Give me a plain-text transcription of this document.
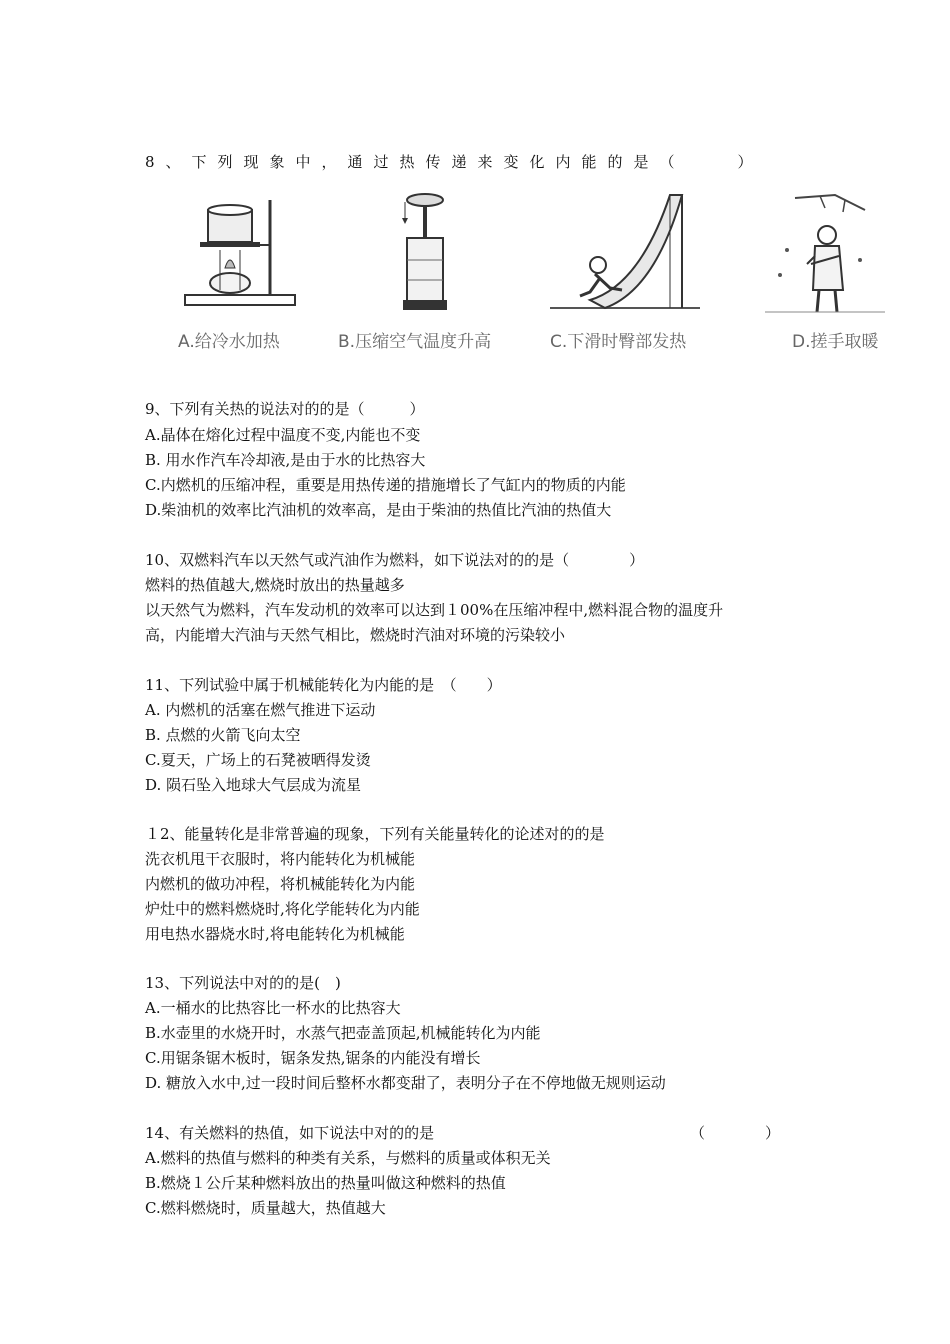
8、下列现象中，通过热传递来变化内能的是（　　）
A.给冷水加热	B.压缩空气温度升高	C.下滑时臀部发热	D.搓手取暖
9、下列有关热的说法对的的是（　　　）
A.晶体在熔化过程中温度不变,内能也不变
B. 用水作汽车冷却液,是由于水的比热容大
C.内燃机的压缩冲程，重要是用热传递的措施增长了气缸内的物质的内能
D.柴油机的效率比汽油机的效率高，是由于柴油的热值比汽油的热值大
10、双燃料汽车以天然气或汽油作为燃料，如下说法对的的是（　　　　）
燃料的热值越大,燃烧时放出的热量越多
以天然气为燃料，汽车发动机的效率可以达到１00%在压缩冲程中,燃料混合物的温度升
高，内能增大汽油与天然气相比，燃烧时汽油对环境的污染较小
11、下列试验中属于机械能转化为内能的是　（　　）
A. 内燃机的活塞在燃气推进下运动
B. 点燃的火箭飞向太空
C.夏天，广场上的石凳被晒得发烫
D. 陨石坠入地球大气层成为流星
１2、能量转化是非常普遍的现象，下列有关能量转化的论述对的的是
洗衣机甩干衣服时，将内能转化为机械能
内燃机的做功冲程，将机械能转化为内能
炉灶中的燃料燃烧时,将化学能转化为内能
用电热水器烧水时,将电能转化为机械能
13、下列说法中对的的是(　)
A.一桶水的比热容比一杯水的比热容大
B.水壶里的水烧开时，水蒸气把壶盖顶起,机械能转化为内能
C.用锯条锯木板时，锯条发热,锯条的内能没有增长
D. 糖放入水中,过一段时间后整杯水都变甜了，表明分子在不停地做无规则运动
14、有关燃料的热值，如下说法中对的的是	（　　　　）
A.燃料的热值与燃料的种类有关系，与燃料的质量或体积无关
B.燃烧１公斤某种燃料放出的热量叫做这种燃料的热值
C.燃料燃烧时，质量越大，热值越大
